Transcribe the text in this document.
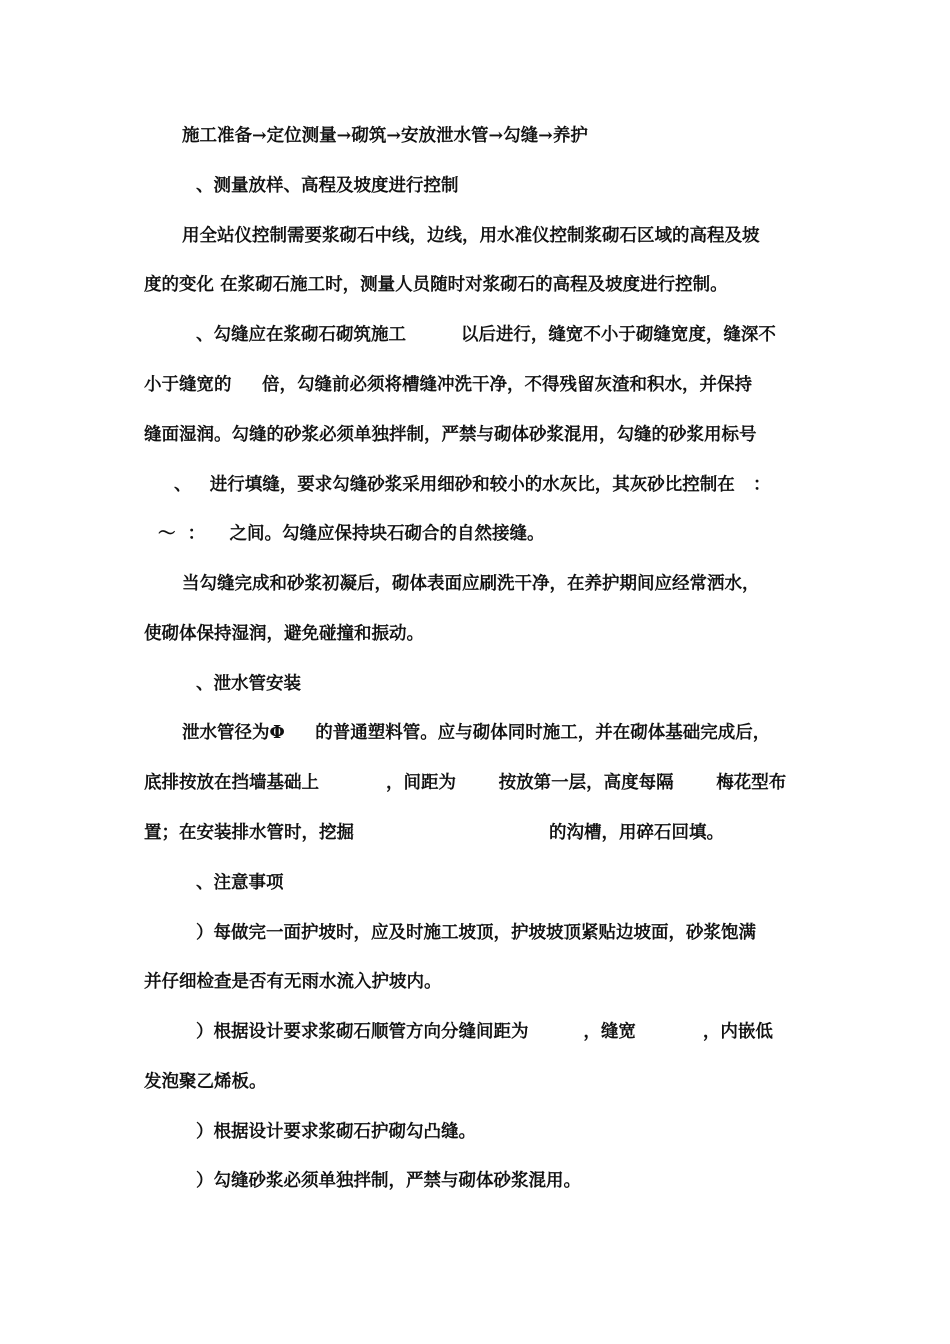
施工准备→定位测量→砌筑→安放泄水管→勾缝→养护
、测量放样、高程及坡度进行控制
用全站仪控制需要浆砌石中线，边线，用水准仪控制浆砌石区域的高程及坡
度的变化 在浆砌石施工时，测量人员随时对浆砌石的高程及坡度进行控制。
、勾缝应在浆砌石砌筑施工         以后进行，缝宽不小于砌缝宽度，缝深不
小于缝宽的     倍，勾缝前必须将槽缝冲洗干净，不得残留灰渣和积水，并保持
缝面湿润。勾缝的砂浆必须单独拌制，严禁与砌体砂浆混用，勾缝的砂浆用标号
、   进行填缝，要求勾缝砂浆采用细砂和较小的水灰比，其灰砂比控制在   ：
～  ：    之间。勾缝应保持块石砌合的自然接缝。
当勾缝完成和砂浆初凝后，砌体表面应刷洗干净，在养护期间应经常洒水，
使砌体保持湿润，避免碰撞和振动。
、泄水管安装
泄水管径为Φ     的普通塑料管。应与砌体同时施工，并在砌体基础完成后，
底排按放在挡墙基础上           ，间距为       按放第一层，高度每隔       梅花型布
置；在安装排水管时，挖掘                                的沟槽，用碎石回填。
、注意事项
）每做完一面护坡时，应及时施工坡顶，护坡坡顶紧贴边坡面，砂浆饱满
并仔细检查是否有无雨水流入护坡内。
）根据设计要求浆砌石顺管方向分缝间距为         ，缝宽           ，内嵌低
发泡聚乙烯板。
）根据设计要求浆砌石护砌勾凸缝。
）勾缝砂浆必须单独拌制，严禁与砌体砂浆混用。
